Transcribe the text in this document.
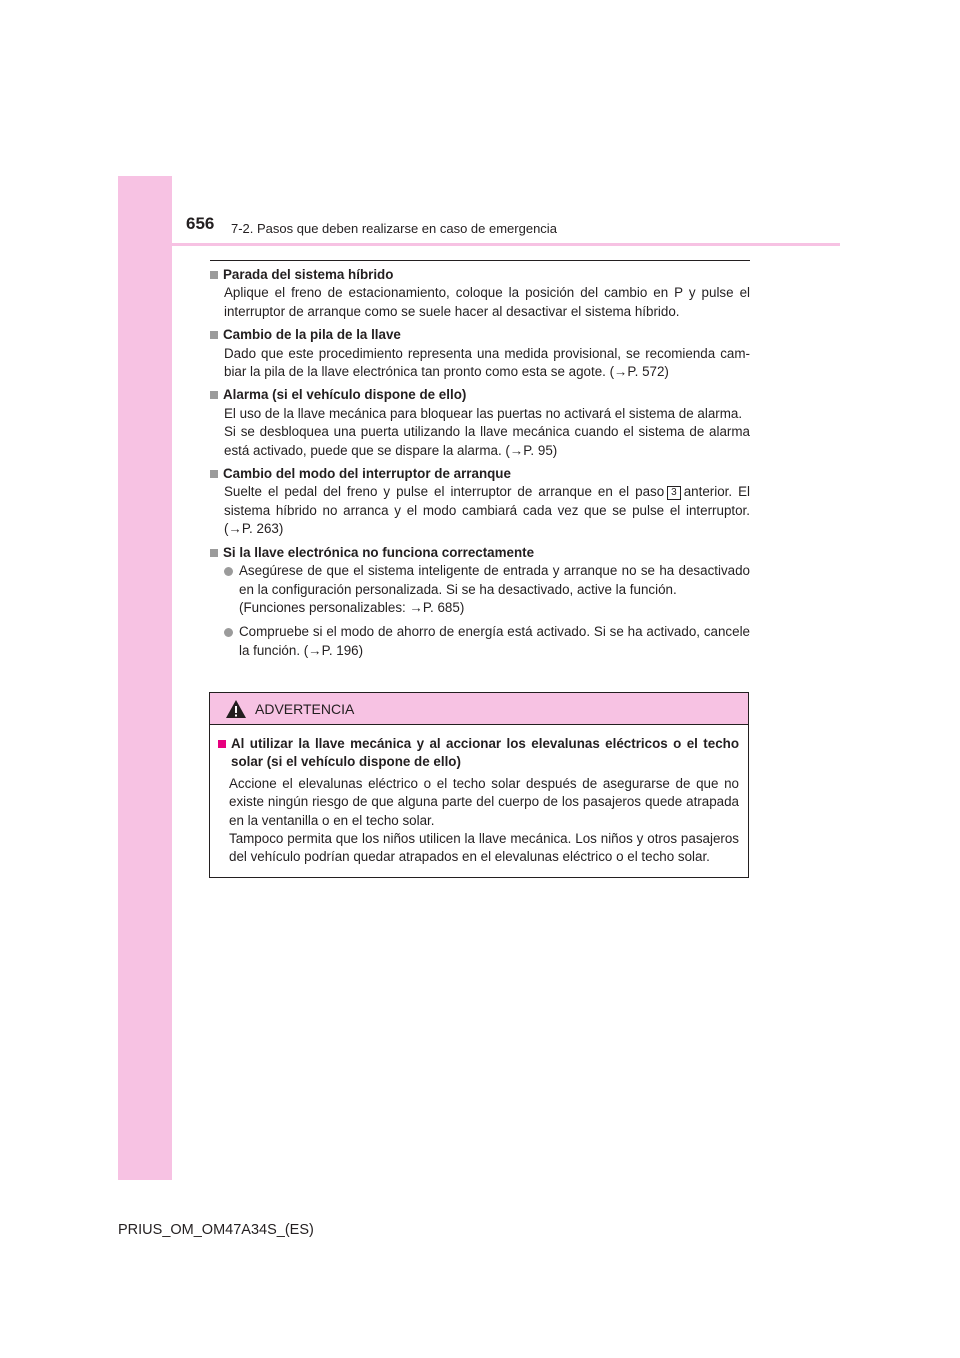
656 7-2. Pasos que deben realizarse en caso de emergencia
Parada del sistema híbrido

Aplique el freno de estacionamiento, coloque la posición del cambio en P y pulse el interruptor de arranque como se suele hacer al desactivar el sistema híbrido.

Cambio de la pila de la llave

Dado que este procedimiento representa una medida provisional, se recomienda cambiar la pila de la llave electrónica tan pronto como esta se agote. (→P. 572)

Alarma (si el vehículo dispone de ello)

El uso de la llave mecánica para bloquear las puertas no activará el sistema de alarma.

Si se desbloquea una puerta utilizando la llave mecánica cuando el sistema de alarma está activado, puede que se dispare la alarma. (→P. 95)

Cambio del modo del interruptor de arranque

Suelte el pedal del freno y pulse el interruptor de arranque en el paso 3 anterior. El sistema híbrido no arranca y el modo cambiará cada vez que se pulse el interruptor. (→P. 263)

Si la llave electrónica no funciona correctamente
Asegúrese de que el sistema inteligente de entrada y arranque no se ha desactivado en la configuración personalizada. Si se ha desactivado, active la función.
(Funciones personalizables: →P. 685)
Compruebe si el modo de ahorro de energía está activado. Si se ha activado, cancele la función. (→P. 196)
ADVERTENCIA
Al utilizar la llave mecánica y al accionar los elevalunas eléctricos o el techo solar (si el vehículo dispone de ello)

Accione el elevalunas eléctrico o el techo solar después de asegurarse de que no existe ningún riesgo de que alguna parte del cuerpo de los pasajeros quede atrapada en la ventanilla o en el techo solar.

Tampoco permita que los niños utilicen la llave mecánica. Los niños y otros pasajeros del vehículo podrían quedar atrapados en el elevalunas eléctrico o el techo solar.

PRIUS_OM_OM47A34S_(ES)
